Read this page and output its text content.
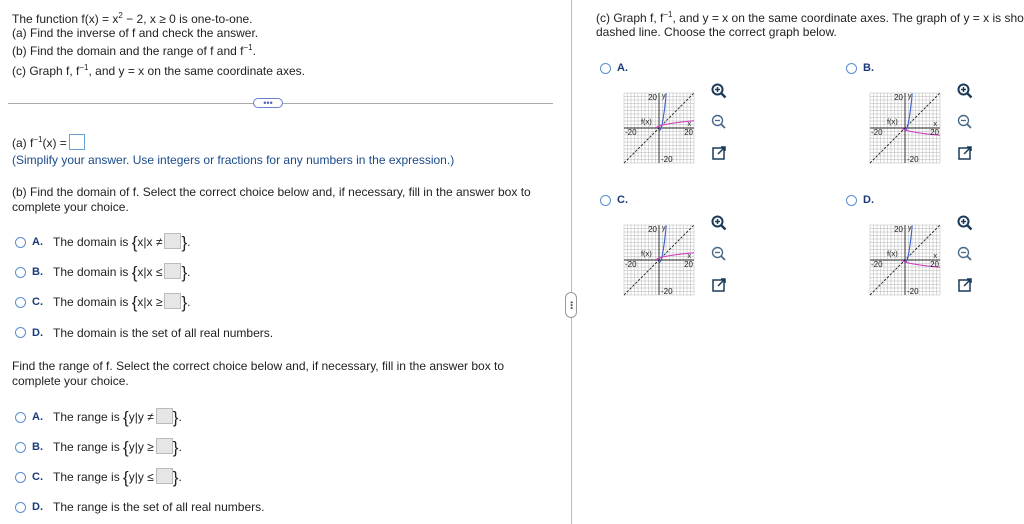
The function $f(x) = x^2 - 2$, x ≥ 0 is one-to-one.
(a) Find the inverse of f and check the answer.
(b) Find the domain and the range of f and $f^{-1}$.
(c) Graph f, $f^{-1}$, and y = x on the same coordinate axes.
•••
(a) $f^{-1}(x)$ =
(Simplify your answer. Use integers or fractions for any numbers in the expression.)
(b) Find the domain of f. Select the correct choice below and, if necessary, fill in the answer box to
complete your choice.
A. The domain is {x|x ≠ }.
B. The domain is {x|x ≤ }.
C. The domain is {x|x ≥ }.
D. The domain is the set of all real numbers.
Find the range of f. Select the correct choice below and, if necessary, fill in the answer box to
complete your choice.
A. The range is {y|y ≠ }.
B. The range is {y|y ≥ }.
C. The range is {y|y ≤ }.
D. The range is the set of all real numbers.
•••
(c) Graph f, $f^{-1}$, and y = x on the same coordinate axes. The graph of y = x is sho
dashed line. Choose the correct graph below.
A.
20
-20
-20	20
y
x
f(x)
B.
20
-20
-20	20
y
x
f(x)
C.
20
-20
-20	20
y
x
f(x)
D.
20
-20
-20	20
y
x
f(x)
